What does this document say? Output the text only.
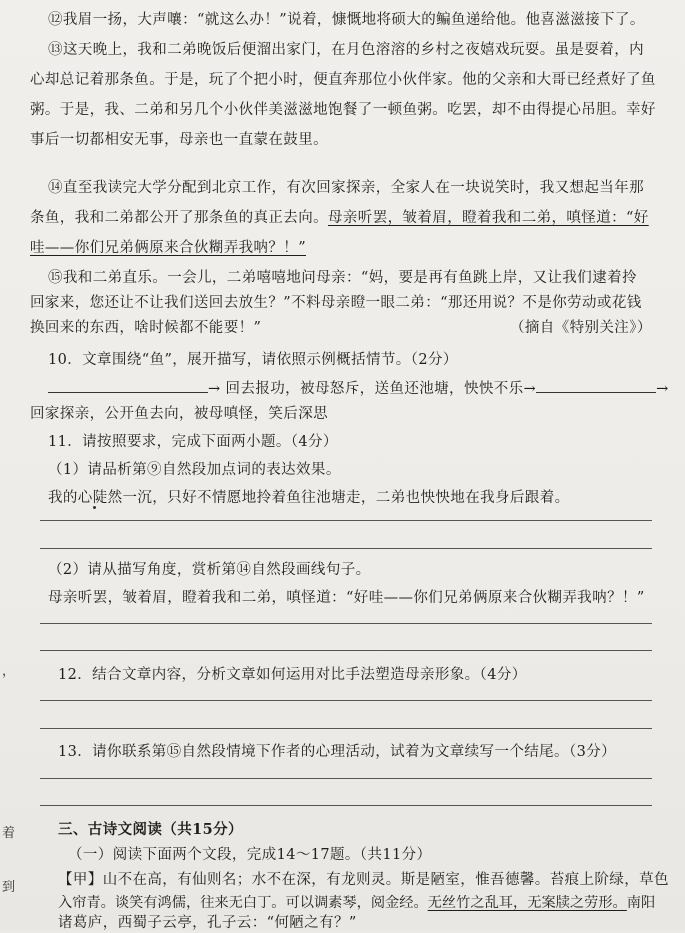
⑫我眉一扬，大声嚷：“就这么办！”说着，慷慨地将硕大的鳊鱼递给他。他喜滋滋接下了。
⑬这天晚上，我和二弟晚饭后便溜出家门，在月色溶溶的乡村之夜嬉戏玩耍。虽是耍着，内
心却总记着那条鱼。于是，玩了个把小时，便直奔那位小伙伴家。他的父亲和大哥已经煮好了鱼
粥。于是，我、二弟和另几个小伙伴美滋滋地饱餐了一顿鱼粥。吃罢，却不由得提心吊胆。幸好
事后一切都相安无事，母亲也一直蒙在鼓里。
⑭直至我读完大学分配到北京工作，有次回家探亲，全家人在一块说笑时，我又想起当年那
条鱼，我和二弟都公开了那条鱼的真正去向。母亲听罢，皱着眉，瞪着我和二弟，嗔怪道：“好
哇——你们兄弟俩原来合伙糊弄我呐？！”
⑮我和二弟直乐。一会儿，二弟嘻嘻地问母亲：“妈，要是再有鱼跳上岸，又让我们逮着拎
回家来，您还让不让我们送回去放生？”不料母亲瞪一眼二弟：“那还用说？不是你劳动或花钱
换回来的东西，啥时候都不能要！”	（摘自《特别关注》）
10．文章围绕“鱼”，展开描写，请依照示例概括情节。（2分）
→ 回去报功，被母怒斥，送鱼还池塘，怏怏不乐→	→
回家探亲，公开鱼去向，被母嗔怪，笑后深思
11．请按照要求，完成下面两小题。（4分）
（1）请品析第⑨自然段加点词的表达效果。
我的心陡然一沉，只好不情愿地拎着鱼往池塘走，二弟也怏怏地在我身后跟着。
（2）请从描写角度，赏析第⑭自然段画线句子。
母亲听罢，皱着眉，瞪着我和二弟，嗔怪道：“好哇——你们兄弟俩原来合伙糊弄我呐？！”
12．结合文章内容，分析文章如何运用对比手法塑造母亲形象。（4分）
13．请你联系第⑮自然段情境下作者的心理活动，试着为文章续写一个结尾。（3分）
三、古诗文阅读（共15分）
（一）阅读下面两个文段，完成14～17题。（共11分）
【甲】山不在高，有仙则名；水不在深，有龙则灵。斯是陋室，惟吾德馨。苔痕上阶绿，草色
入帘青。谈笑有鸿儒，往来无白丁。可以调素琴，阅金经。无丝竹之乱耳，无案牍之劳形。南阳
诸葛庐，西蜀子云亭，孔子云：“何陋之有？”
，
着
到
